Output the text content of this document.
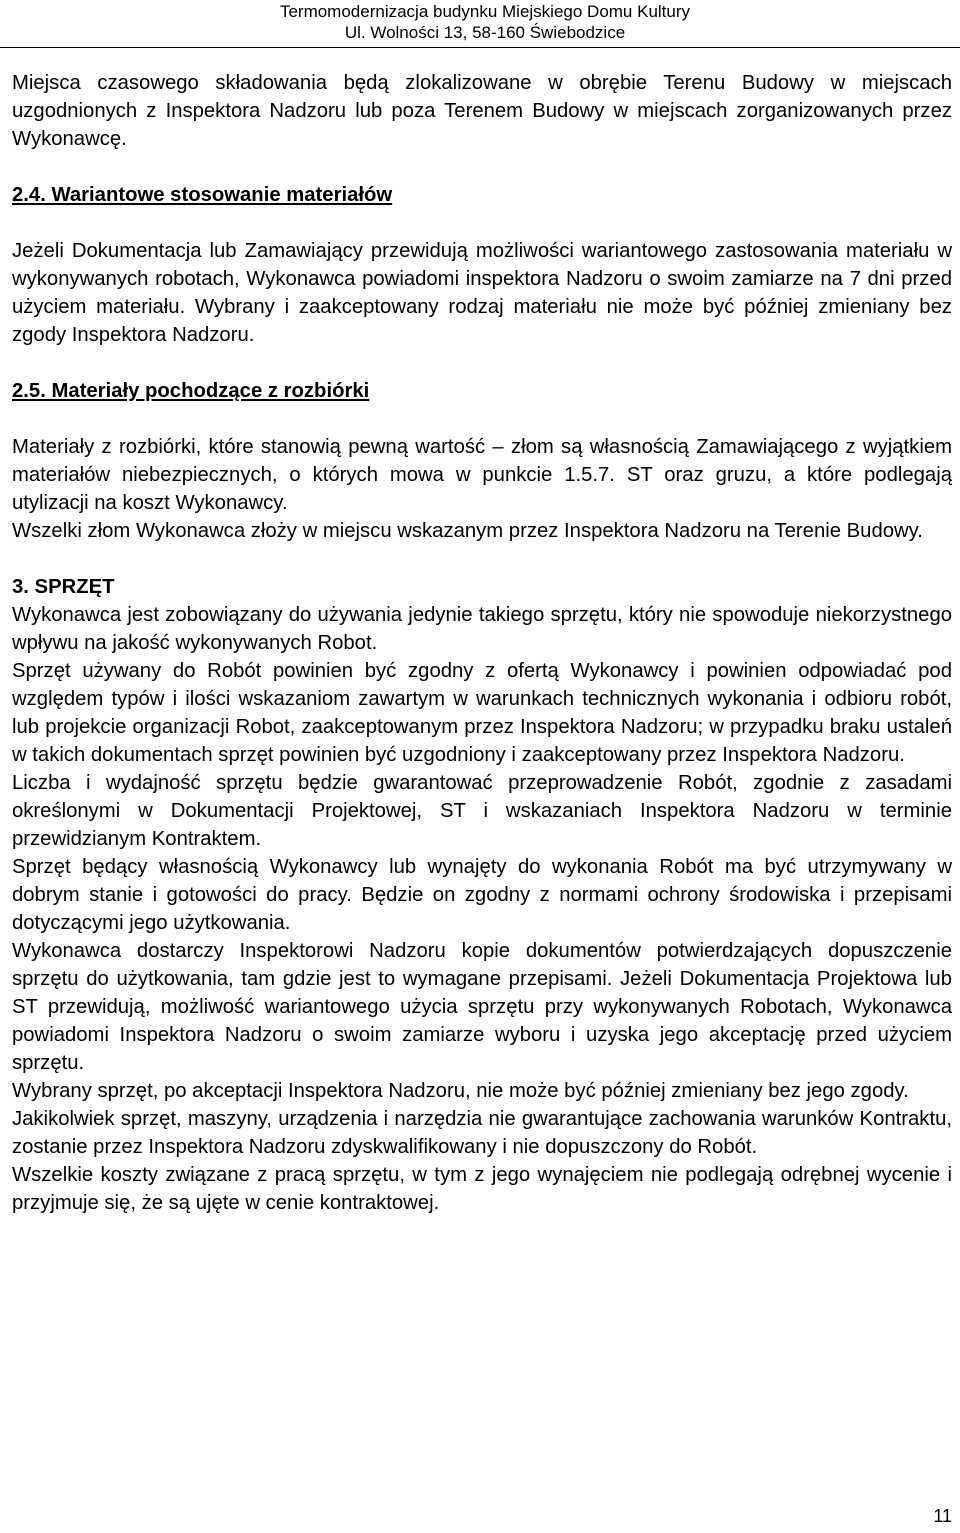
Termomodernizacja budynku Miejskiego Domu Kultury
Ul. Wolności 13, 58-160 Świebodzice

Miejsca czasowego składowania będą zlokalizowane w obrębie Terenu Budowy w miejscach uzgodnionych z Inspektora Nadzoru lub poza Terenem Budowy w miejscach zorganizowanych przez Wykonawcę.

2.4. Wariantowe stosowanie materiałów

Jeżeli Dokumentacja lub Zamawiający przewidują możliwości wariantowego zastosowania materiału w wykonywanych robotach, Wykonawca powiadomi inspektora Nadzoru o swoim zamiarze na 7 dni przed użyciem materiału. Wybrany i zaakceptowany rodzaj materiału nie może być później zmieniany bez zgody Inspektora Nadzoru.

2.5. Materiały pochodzące z rozbiórki

Materiały z rozbiórki, które stanowią pewną wartość – złom są własnością Zamawiającego z wyjątkiem materiałów niebezpiecznych, o których mowa w punkcie 1.5.7. ST oraz gruzu, a które podlegają utylizacji na koszt Wykonawcy.

Wszelki złom Wykonawca złoży w miejscu wskazanym przez Inspektora Nadzoru na Terenie Budowy.

3. SPRZĘT

Wykonawca jest zobowiązany do używania jedynie takiego sprzętu, który nie spowoduje niekorzystnego wpływu na jakość wykonywanych Robot.

Sprzęt używany do Robót powinien być zgodny z ofertą Wykonawcy i powinien odpowiadać pod względem typów i ilości wskazaniom zawartym w warunkach technicznych wykonania i odbioru robót, lub projekcie organizacji Robot, zaakceptowanym przez Inspektora Nadzoru; w przypadku braku ustaleń w takich dokumentach sprzęt powinien być uzgodniony i zaakceptowany przez Inspektora Nadzoru.

Liczba i wydajność sprzętu będzie gwarantować przeprowadzenie Robót, zgodnie z zasadami określonymi w Dokumentacji Projektowej, ST i wskazaniach Inspektora Nadzoru w terminie przewidzianym Kontraktem.

Sprzęt będący własnością Wykonawcy lub wynajęty do wykonania Robót ma być utrzymywany w dobrym stanie i gotowości do pracy. Będzie on zgodny z normami ochrony środowiska i przepisami dotyczącymi jego użytkowania.

Wykonawca dostarczy Inspektorowi Nadzoru kopie dokumentów potwierdzających dopuszczenie sprzętu do użytkowania, tam gdzie jest to wymagane przepisami. Jeżeli Dokumentacja Projektowa lub ST przewidują, możliwość wariantowego użycia sprzętu przy wykonywanych Robotach, Wykonawca powiadomi Inspektora Nadzoru o swoim zamiarze wyboru i uzyska jego akceptację przed użyciem sprzętu.

Wybrany sprzęt, po akceptacji Inspektora Nadzoru, nie może być później zmieniany bez jego zgody.

Jakikolwiek sprzęt, maszyny, urządzenia i narzędzia nie gwarantujące zachowania warunków Kontraktu, zostanie przez Inspektora Nadzoru zdyskwalifikowany i nie dopuszczony do Robót.

Wszelkie koszty związane z pracą sprzętu, w tym z jego wynajęciem nie podlegają odrębnej wycenie i przyjmuje się, że są ujęte w cenie kontraktowej.

11
